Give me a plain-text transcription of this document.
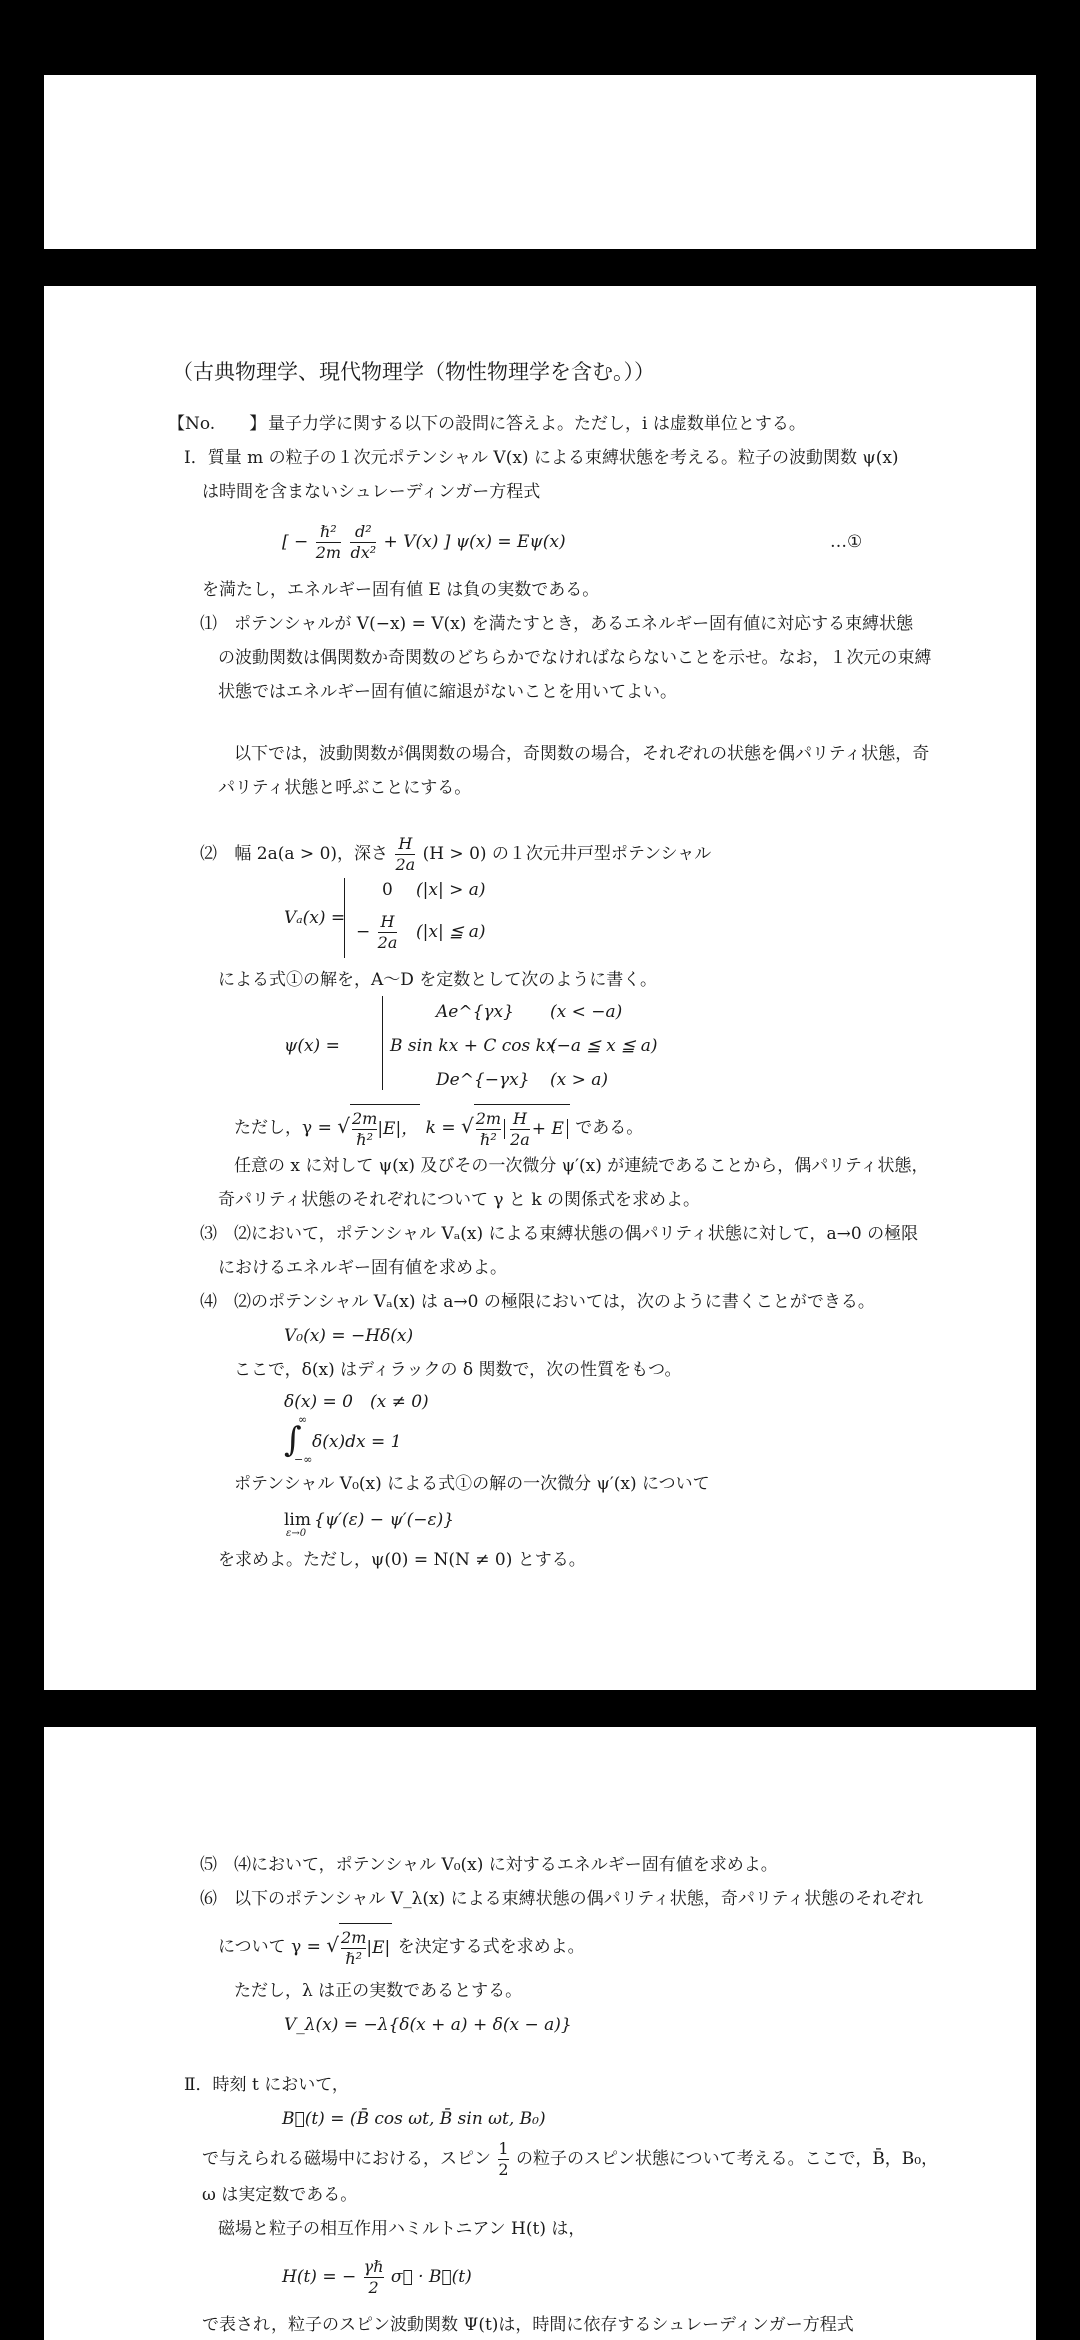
（古典物理学、現代物理学（物性物理学を含む。））
【No.　　】 量子力学に関する以下の設問に答えよ。ただし，i は虚数単位とする。
Ⅰ．質量 m の粒子の１次元ポテンシャル V(x) による束縛状態を考える。粒子の波動関数 ψ(x)
は時間を含まないシュレーディンガー方程式
[ − $\frac{\text{ℏ²}}{2m}$
$\frac{\text{d²}}{\text{dx²}} + V(x)$ ] ψ(x) = Eψ(x)	…①
を満たし，エネルギー固有値 E は負の実数である。
⑴ ポテンシャルが V(−x) = V(x) を満たすとき，あるエネルギー固有値に対応する束縛状態
の波動関数は偶関数か奇関数のどちらかでなければならないことを示せ。なお，１次元の束縛
状態ではエネルギー固有値に縮退がないことを用いてよい。
以下では，波動関数が偶関数の場合，奇関数の場合，それぞれの状態を偶パリティ状態，奇
パリティ状態と呼ぶことにする。
⑵ 幅 2a(a > 0)，深さ $\frac{H}{2a} (H > 0)$ の１次元井戸型ポテンシャル
Vₐ(x) =
0 (|x| > a)
− $\frac{H}{2a} (|x|$ ≦ a)
による式①の解を，A〜D を定数として次のように書く。
ψ(x) =
Ae^{γx} (x < −a)
B sin kx + C cos kx
(−a ≦ x ≦ a)
De^{−γx} (x > a)
ただし，γ = √ $\frac{2m}{\text{ℏ²}} |E|$， k = √ $\frac{2m}{\text{ℏ²}} \frac{H}{2a} + E$ である。
任意の x に対して ψ(x) 及びその一次微分 ψ′(x) が連続であることから，偶パリティ状態，
奇パリティ状態のそれぞれについて γ と k の関係式を求めよ。
⑶ ⑵において，ポテンシャル Vₐ(x) による束縛状態の偶パリティ状態に対して，a→0 の極限
におけるエネルギー固有値を求めよ。
⑷ ⑵のポテンシャル Vₐ(x) は a→0 の極限においては，次のように書くことができる。
V₀(x) = −Hδ(x)
ここで，δ(x) はディラックの δ 関数で，次の性質をもつ。
δ(x) = 0　(x ≠ 0)
∫
∞
−∞
δ(x)dx = 1
ポテンシャル V₀(x) による式①の解の一次微分 ψ′(x) について
lim
ε→0
{ψ′(ε) − ψ′(−ε)}
を求めよ。ただし，ψ(0) = N(N ≠ 0) とする。
⑸ ⑷において，ポテンシャル V₀(x) に対するエネルギー固有値を求めよ。
⑹ 以下のポテンシャル V_λ(x) による束縛状態の偶パリティ状態，奇パリティ状態のそれぞれ
について γ = √ $\frac{2m}{\text{ℏ²}} |E|$ を決定する式を求めよ。
ただし，λ は正の実数であるとする。
V_λ(x) = −λ{δ(x + a) + δ(x − a)}
Ⅱ．時刻 t において，
B⃗(t) = (B̄ cos ωt, B̄ sin ωt, B₀)
で与えられる磁場中における，スピン $\frac{1}{2}$ の粒子のスピン状態について考える。ここで，B̄，B₀，
ω は実定数である。
磁場と粒子の相互作用ハミルトニアン H(t) は，
H(t) = − $\frac{\text{γℏ}}{2}$ σ⃗ · B⃗(t)
で表され，粒子のスピン波動関数 Ψ(t)は，時間に依存するシュレーディンガー方程式
